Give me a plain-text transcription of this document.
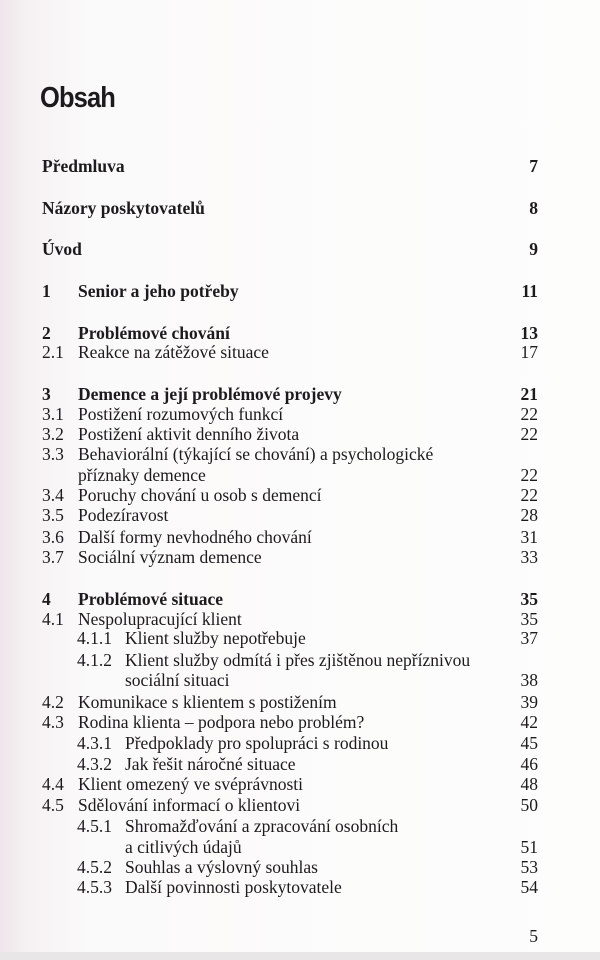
Obsah
Předmluva	7
Názory poskytovatelů	8
Úvod	9
1 Senior a jeho potřeby	11
2 Problémové chování	13
2.1 Reakce na zátěžové situace	17
3 Demence a její problémové projevy	21
3.1 Postižení rozumových funkcí	22
3.2 Postižení aktivit denního života	22
3.3 Behaviorální (týkající se chování) a psychologické
příznaky demence	22
3.4 Poruchy chování u osob s demencí	22
3.5 Podezíravost	28
3.6 Další formy nevhodného chování	31
3.7 Sociální význam demence	33
4 Problémové situace	35
4.1 Nespolupracující klient	35
4.1.1 Klient služby nepotřebuje	37
4.1.2 Klient služby odmítá i přes zjištěnou nepříznivou
sociální situaci	38
4.2 Komunikace s klientem s postižením	39
4.3 Rodina klienta – podpora nebo problém?	42
4.3.1 Předpoklady pro spolupráci s rodinou	45
4.3.2 Jak řešit náročné situace	46
4.4 Klient omezený ve svéprávnosti	48
4.5 Sdělování informací o klientovi	50
4.5.1 Shromažďování a zpracování osobních
a citlivých údajů	51
4.5.2 Souhlas a výslovný souhlas	53
4.5.3 Další povinnosti poskytovatele	54
5
